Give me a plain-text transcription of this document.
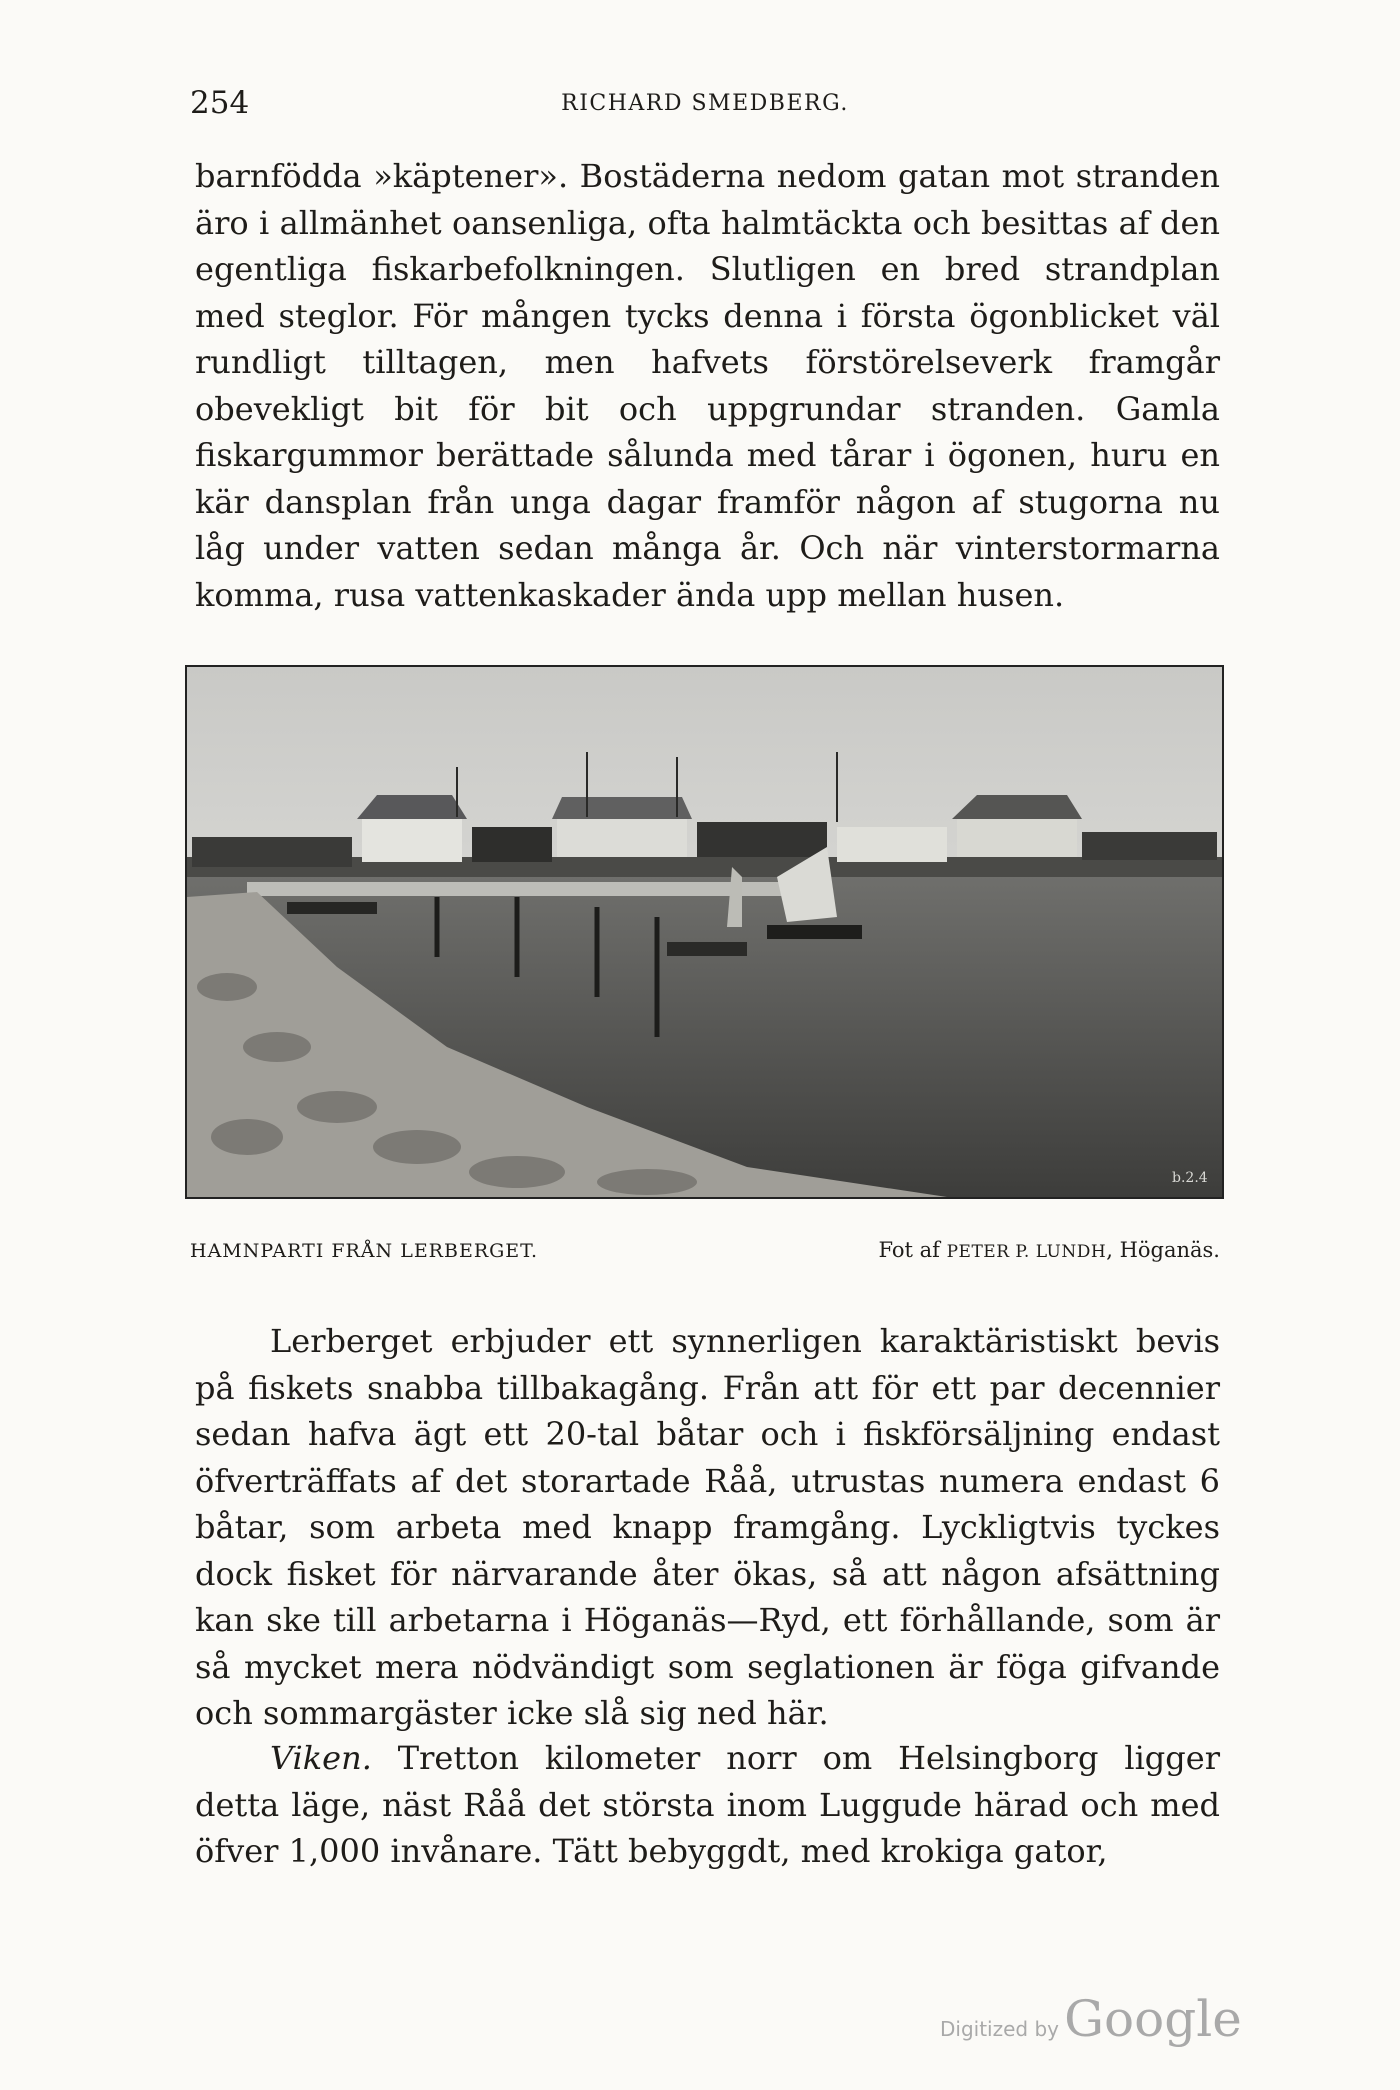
254	RICHARD SMEDBERG.

barnfödda »käptener». Bostäderna nedom gatan mot stranden äro i allmänhet oansenliga, ofta halmtäckta och besittas af den egentliga fiskarbefolkningen. Slutligen en bred strandplan med steglor. För mången tycks denna i första ögonblicket väl rundligt tilltagen, men hafvets förstörelseverk framgår obevekligt bit för bit och uppgrundar stranden. Gamla fiskargummor berättade sålunda med tårar i ögonen, huru en kär dansplan från unga dagar framför någon af stugorna nu låg under vatten sedan många år. Och när vinterstormarna komma, rusa vattenkaskader ända upp mellan husen.

b.2.4
HAMNPARTI FRÅN LERBERGET.	Fot af PETER P. LUNDH, Höganäs.

Lerberget erbjuder ett synnerligen karaktäristiskt bevis på fiskets snabba tillbakagång. Från att för ett par decennier sedan hafva ägt ett 20-tal båtar och i fiskförsäljning endast öfverträffats af det storartade Råå, utrustas numera endast 6 båtar, som arbeta med knapp framgång. Lyckligtvis tyckes dock fisket för närvarande åter ökas, så att någon afsättning kan ske till arbetarna i Höganäs—Ryd, ett förhållande, som är så mycket mera nödvändigt som seglationen är föga gifvande och sommargäster icke slå sig ned här.

Viken. Tretton kilometer norr om Helsingborg ligger detta läge, näst Råå det största inom Luggude härad och med öfver 1,000 invånare. Tätt bebyggdt, med krokiga gator,

Digitized by Google
